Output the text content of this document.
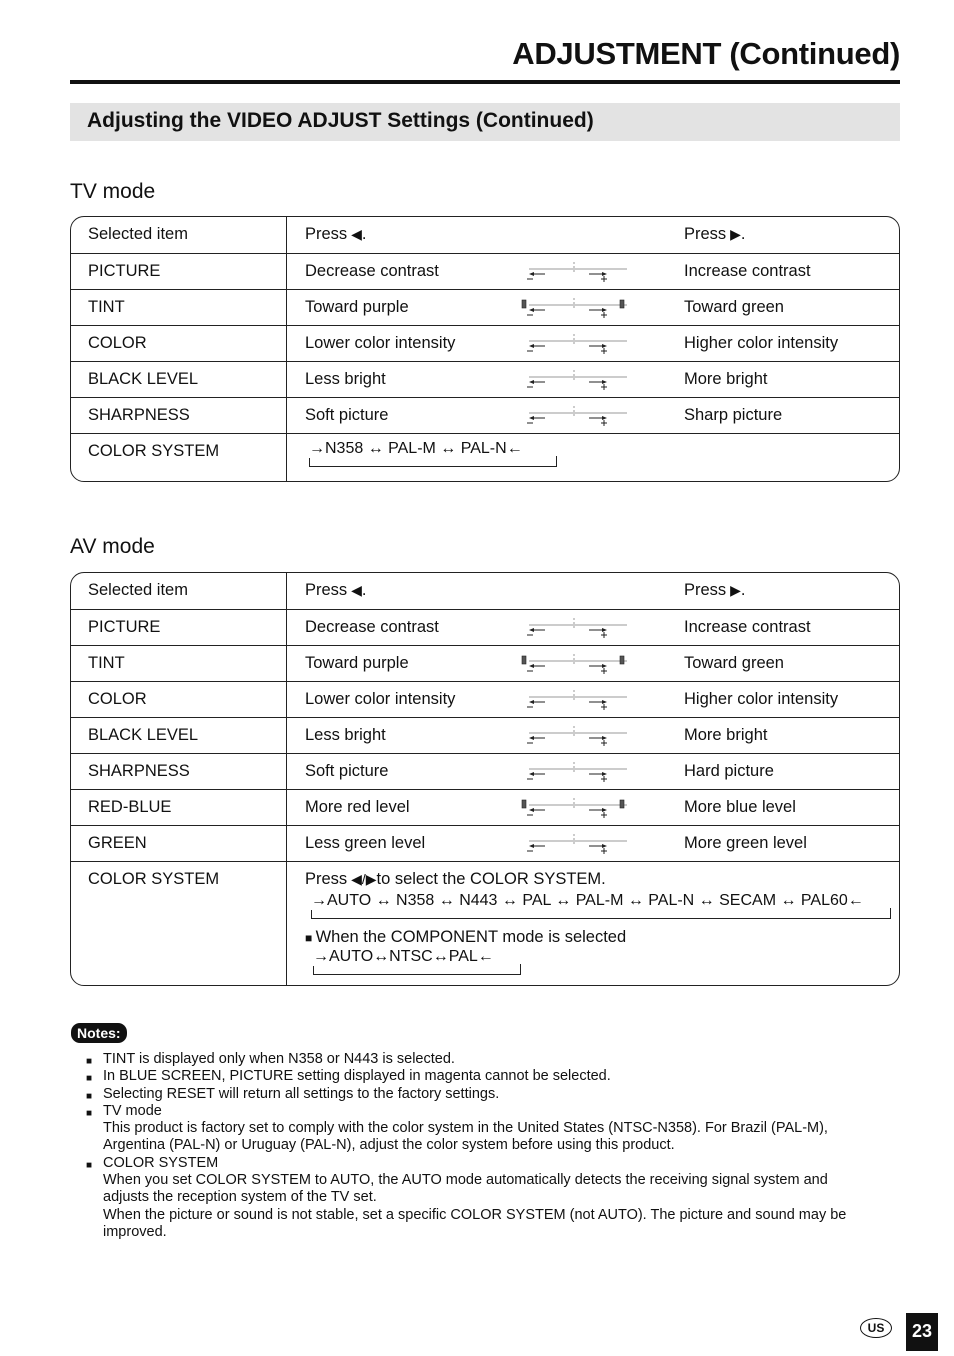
ADJUSTMENT (Continued)
Adjusting the VIDEO ADJUST Settings (Continued)
TV mode
Selected item	Press ◀.	Press ▶.
PICTURE	Decrease contrast	Increase contrast
TINT	Toward purple	Toward green
COLOR	Lower color intensity	Higher color intensity
BLACK LEVEL	Less bright	More bright
SHARPNESS	Soft picture	Sharp picture
COLOR SYSTEM	→N358 ↔ PAL-M ↔ PAL-N←
AV mode
Selected item	Press ◀.	Press ▶.
PICTURE	Decrease contrast	Increase contrast
TINT	Toward purple	Toward green
COLOR	Lower color intensity	Higher color intensity
BLACK LEVEL	Less bright	More bright
SHARPNESS	Soft picture	Hard picture
RED-BLUE	More red level	More blue level
GREEN	Less green level	More green level
COLOR SYSTEM	Press ◀/▶to select the COLOR SYSTEM.
→AUTO ↔ N358 ↔ N443 ↔ PAL ↔ PAL-M ↔ PAL-N ↔ SECAM ↔ PAL60←
■ When the COMPONENT mode is selected
→AUTO↔NTSC↔PAL←
Notes:
■ TINT is displayed only when N358 or N443 is selected.
■ In BLUE SCREEN, PICTURE setting displayed in magenta cannot be selected.
■ Selecting RESET will return all settings to the factory settings.
■ TV mode
This product is factory set to comply with the color system in the United States (NTSC-N358). For Brazil (PAL-M), Argentina (PAL-N) or Uruguay (PAL-N), adjust the color system before using this product.
■ COLOR SYSTEM
When you set COLOR SYSTEM to AUTO, the AUTO mode automatically detects the receiving signal system and adjusts the reception system of the TV set.
When the picture or sound is not stable, set a specific COLOR SYSTEM (not AUTO). The picture and sound may be improved.
US	23
